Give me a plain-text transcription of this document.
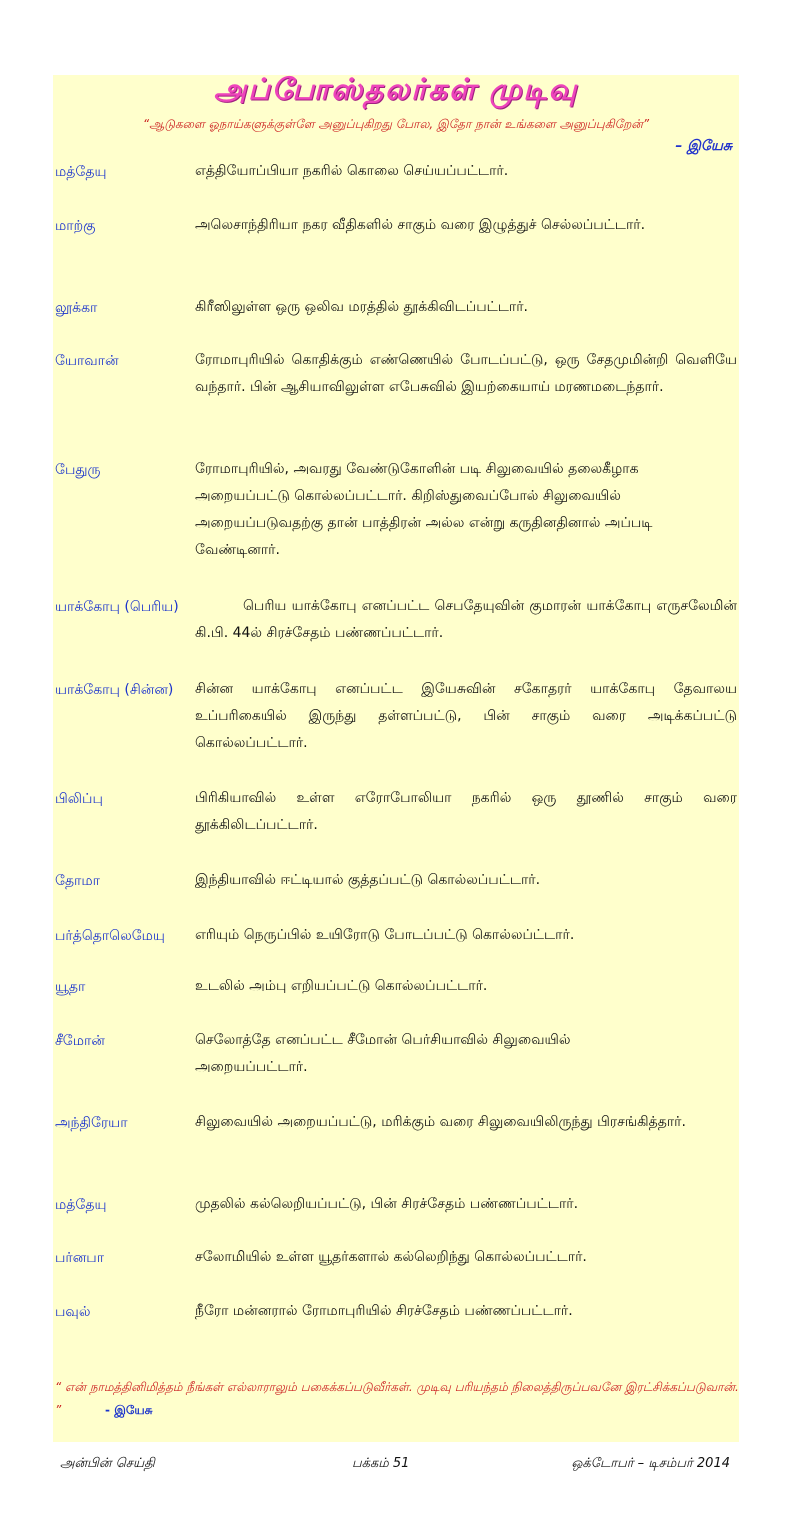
அப்போஸ்தலர்கள் முடிவு
“ஆடுகளை ஓநாய்களுக்குள்ளே அனுப்புகிறது போல, இதோ நான் உங்களை அனுப்புகிறேன்”
– இயேசு
மத்தேயு	எத்தியோப்பியா நகரில் கொலை செய்யப்பட்டார்.
மாற்கு	அலெசாந்திரியா நகர வீதிகளில் சாகும் வரை இழுத்துச் செல்லப்பட்டார்.
லூக்கா	கிரீஸிலுள்ள ஒரு ஒலிவ மரத்தில் தூக்கிவிடப்பட்டார்.
யோவான்	ரோமாபுரியில் கொதிக்கும் எண்ணெயில் போடப்பட்டு, ஒரு சேதமுமின்றி வெளியே வந்தார். பின் ஆசியாவிலுள்ள எபேசுவில் இயற்கையாய் மரணமடைந்தார்.
பேதுரு	ரோமாபுரியில், அவரது வேண்டுகோளின் படி சிலுவையில் தலைகீழாக அறையப்பட்டு கொல்லப்பட்டார். கிறிஸ்துவைப்போல் சிலுவையில் அறையப்படுவதற்கு தான் பாத்திரன் அல்ல என்று கருதினதினால் அப்படி வேண்டினார்.
யாக்கோபு (பெரிய)	பெரிய யாக்கோபு எனப்பட்ட செபதேயுவின் குமாரன் யாக்கோபு எருசலேமின் கி.பி. 44ல் சிரச்சேதம் பண்ணப்பட்டார்.
யாக்கோபு (சின்ன) சின்ன யாக்கோபு எனப்பட்ட இயேசுவின் சகோதரர் யாக்கோபு தேவாலய உப்பரிகையில் இருந்து தள்ளப்பட்டு, பின் சாகும் வரை அடிக்கப்பட்டு கொல்லப்பட்டார்.
பிலிப்பு	பிரிகியாவில் உள்ள எரோபோலியா நகரில் ஒரு தூணில் சாகும் வரை தூக்கிலிடப்பட்டார்.
தோமா	இந்தியாவில் ஈட்டியால் குத்தப்பட்டு கொல்லப்பட்டார்.
பர்த்தொலெமேயு எரியும் நெருப்பில் உயிரோடு போடப்பட்டு கொல்லப்ட்டார்.
யூதா	உடலில் அம்பு எறியப்பட்டு கொல்லப்பட்டார்.
சீமோன்	செலோத்தே எனப்பட்ட சீமோன் பெர்சியாவில் சிலுவையில் அறையப்பட்டார்.
அந்திரேயா	சிலுவையில் அறையப்பட்டு, மரிக்கும் வரை சிலுவையிலிருந்து பிரசங்கித்தார்.
மத்தேயு	முதலில் கல்லெறியப்பட்டு, பின் சிரச்சேதம் பண்ணப்பட்டார்.
பர்னபா	சலோமியில் உள்ள யூதர்களால் கல்லெறிந்து கொல்லப்பட்டார்.
பவுல்	நீரோ மன்னரால் ரோமாபுரியில் சிரச்சேதம் பண்ணப்பட்டார்.
“ என் நாமத்தினிமித்தம் நீங்கள் எல்லாராலும் பகைக்கப்படுவீர்கள். முடிவு பரியந்தம் நிலைத்திருப்பவனே இரட்சிக்கப்படுவான். ”	- இயேசு
அன்பின் செய்தி	பக்கம் 51	ஒக்டோபர் – டிசம்பர் 2014
